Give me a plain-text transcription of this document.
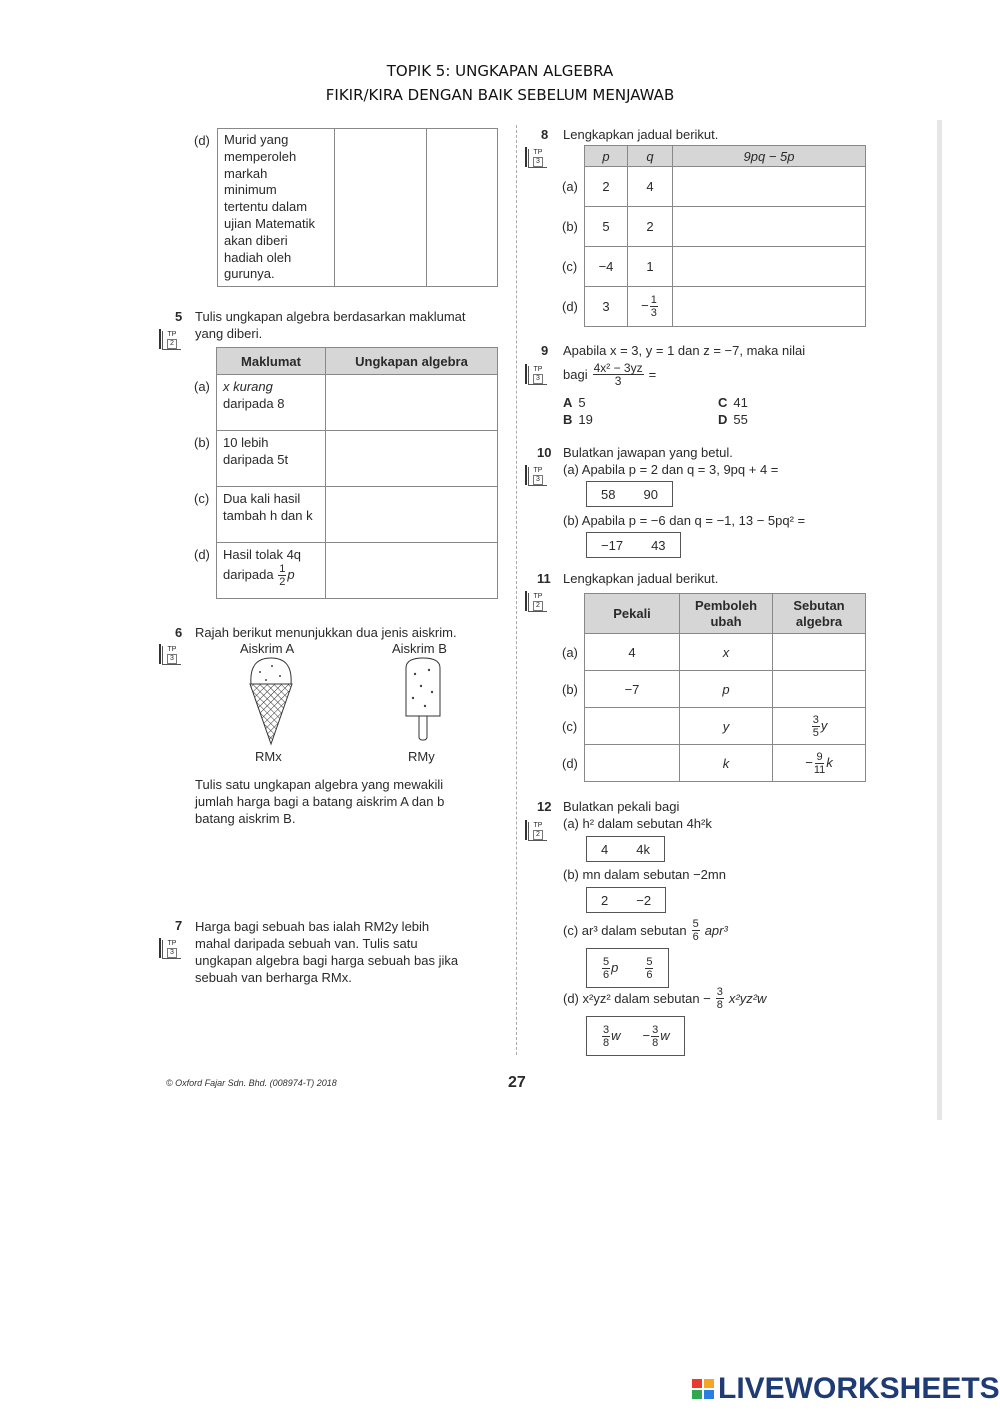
TOPIK 5: UNGKAPAN ALGEBRA
FIKIR/KIRA DENGAN BAIK SEBELUM MENJAWAB
(d) Murid yang
memperoleh
markah
minimum
tertentu dalam
ujian Matematik
akan diberi
hadiah oleh
gurunya.

5
TP
2
Tulis ungkapan algebra berdasarkan maklumat
yang diberi.
	Maklumat	Ungkapan algebra
(a)	x kurang
daripada 8	
(b)	10 lebih
daripada 5t	
(c)	Dua kali hasil
tambah h dan k	
(d)	Hasil tolak 4q
daripada $\frac{1}{2}$ p	
6
TP
3
Rajah berikut menunjukkan dua jenis aiskrim.
Aiskrim A	Aiskrim B
RMx	RMy
Tulis satu ungkapan algebra yang mewakili
jumlah harga bagi a batang aiskrim A dan b
batang aiskrim B.
7
TP
3
Harga bagi sebuah bas ialah RM2y lebih
mahal daripada sebuah van. Tulis satu
ungkapan algebra bagi harga sebuah bas jika
sebuah van berharga RMx.
8
TP
3
Lengkapkan jadual berikut.
	p	q	9pq − 5p
(a)	2	4	
(b)	5	2	
(c)	−4	1	
(d)	3	− $\frac{1}{3}$

9
TP
3
Apabila x = 3, y = 1 dan z = −7, maka nilai
bagi $\frac{\text{4x² − 3yz}}{3}$ =
A 5	C 41
B 19	D 55
10
TP
3
Bulatkan jawapan yang betul.
(a) Apabila p = 2 dan q = 3, 9pq + 4 =
58 90
(b) Apabila p = −6 dan q = −1, 13 − 5pq² =
−17 43
11
TP
2
Lengkapkan jadual berikut.
	Pekali	Pemboleh ubah	Sebutan algebra
(a)	4	x	
(b)	−7	p	
(c)		y	$\frac{3}{5}$ y
(d)		k	− $\frac{9}{11}$ k
12
TP
2
Bulatkan pekali bagi
(a) h² dalam sebutan 4h²k
4 4k
(b) mn dalam sebutan −2mn
2 −2
(c) ar³ dalam sebutan $\frac{5}{6} apr^3$
$\frac{5}{6}$ p $\frac{5}{6}$
(d) x²yz² dalam sebutan − $\frac{3}{8} x^2yz^2w$
$\frac{3}{8}$ $w - \frac{3}{8}$ w
© Oxford Fajar Sdn. Bhd. (008974-T) 2018	27
LIVEWORKSHEETS
